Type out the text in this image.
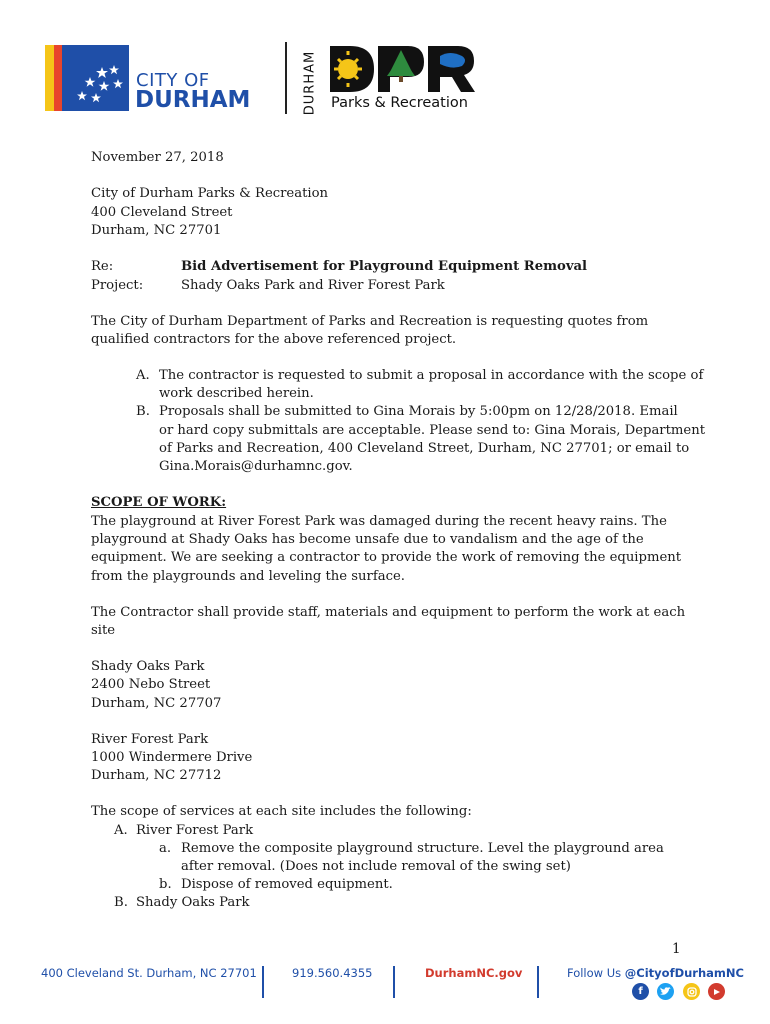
CITY OF
DURHAM	DURHAM Parks & Recreation
November 27, 2018
City of Durham Parks & Recreation
400 Cleveland Street
Durham, NC 27701
Re:	Bid Advertisement for Playground Equipment Removal
Project:	Shady Oaks Park and River Forest Park
The City of Durham Department of Parks and Recreation is requesting quotes from
qualified contractors for the above referenced project.
A. The contractor is requested to submit a proposal in accordance with the scope of
work described herein.
B. Proposals shall be submitted to Gina Morais by 5:00pm on 12/28/2018. Email
or hard copy submittals are acceptable. Please send to: Gina Morais, Department
of Parks and Recreation, 400 Cleveland Street, Durham, NC 27701; or email to
Gina.Morais@durhamnc.gov.
SCOPE OF WORK:
The playground at River Forest Park was damaged during the recent heavy rains. The
playground at Shady Oaks has become unsafe due to vandalism and the age of the
equipment. We are seeking a contractor to provide the work of removing the equipment
from the playgrounds and leveling the surface.
The Contractor shall provide staff, materials and equipment to perform the work at each
site
Shady Oaks Park
2400 Nebo Street
Durham, NC 27707
River Forest Park
1000 Windermere Drive
Durham, NC 27712
The scope of services at each site includes the following:
A. River Forest Park
a. Remove the composite playground structure. Level the playground area
after removal. (Does not include removal of the swing set)
b. Dispose of removed equipment.
B. Shady Oaks Park
1
400 Cleveland St. Durham, NC 27701	919.560.4355	DurhamNC.gov	Follow Us @CityofDurhamNC
f
